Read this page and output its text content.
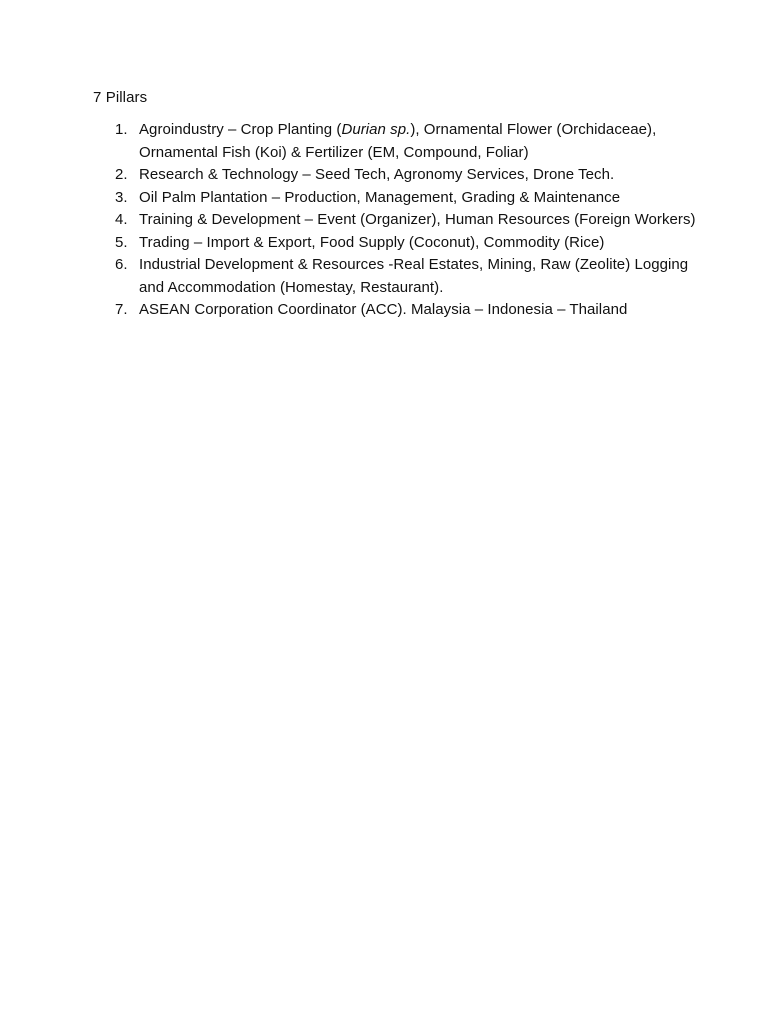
7 Pillars
1. Agroindustry – Crop Planting (Durian sp.), Ornamental Flower (Orchidaceae), Ornamental Fish (Koi) & Fertilizer (EM, Compound, Foliar)
2. Research & Technology – Seed Tech, Agronomy Services, Drone Tech.
3. Oil Palm Plantation – Production, Management, Grading & Maintenance
4. Training & Development – Event (Organizer), Human Resources (Foreign Workers)
5. Trading – Import & Export, Food Supply (Coconut), Commodity (Rice)
6. Industrial Development & Resources -Real Estates, Mining, Raw (Zeolite) Logging and Accommodation (Homestay, Restaurant).
7. ASEAN Corporation Coordinator (ACC). Malaysia – Indonesia – Thailand
